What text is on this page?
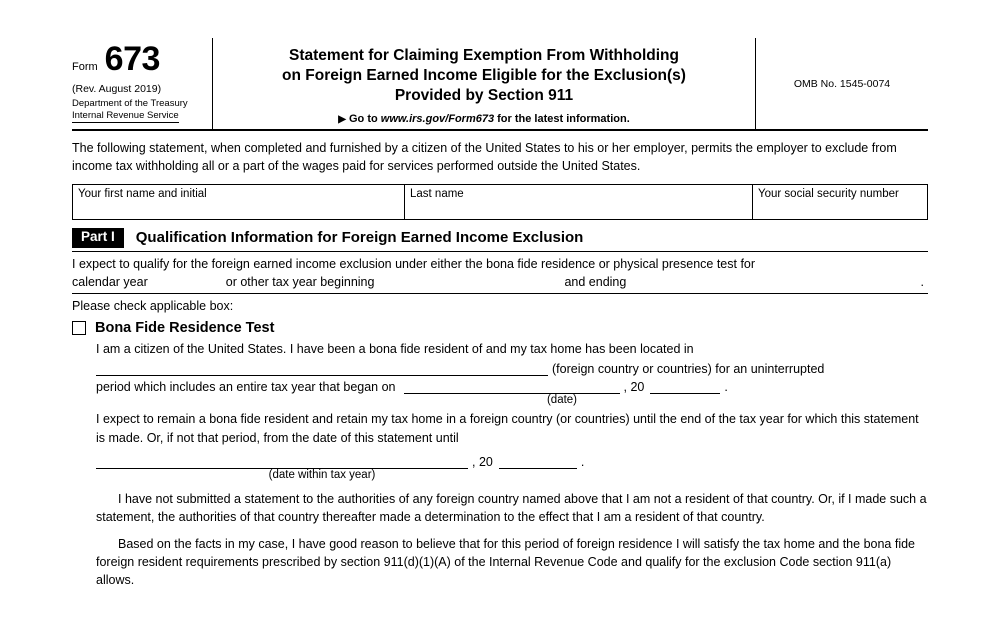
Form 673
(Rev. August 2019)
Department of the Treasury
Internal Revenue Service
Statement for Claiming Exemption From Withholding
on Foreign Earned Income Eligible for the Exclusion(s)
Provided by Section 911
▶ Go to www.irs.gov/Form673 for the latest information.
OMB No. 1545-0074
The following statement, when completed and furnished by a citizen of the United States to his or her employer, permits the employer to exclude from income tax withholding all or a part of the wages paid for services performed outside the United States.
Your first name and initial	Last name	Your social security number
Part I	Qualification Information for Foreign Earned Income Exclusion
I expect to qualify for the foreign earned income exclusion under either the bona fide residence or physical presence test for
calendar year	or other tax year beginning	and ending	.
Please check applicable box:
Bona Fide Residence Test
I am a citizen of the United States. I have been a bona fide resident of and my tax home has been located in
(foreign country or countries) for an uninterrupted
period which includes an entire tax year that began on	, 20	.
(date)
I expect to remain a bona fide resident and retain my tax home in a foreign country (or countries) until the end of the tax year for which this statement is made. Or, if not that period, from the date of this statement until
, 20	.
(date within tax year)
I have not submitted a statement to the authorities of any foreign country named above that I am not a resident of that country. Or, if I made such a statement, the authorities of that country thereafter made a determination to the effect that I am a resident of that country.
Based on the facts in my case, I have good reason to believe that for this period of foreign residence I will satisfy the tax home and the bona fide foreign resident requirements prescribed by section 911(d)(1)(A) of the Internal Revenue Code and qualify for the exclusion Code section 911(a) allows.
